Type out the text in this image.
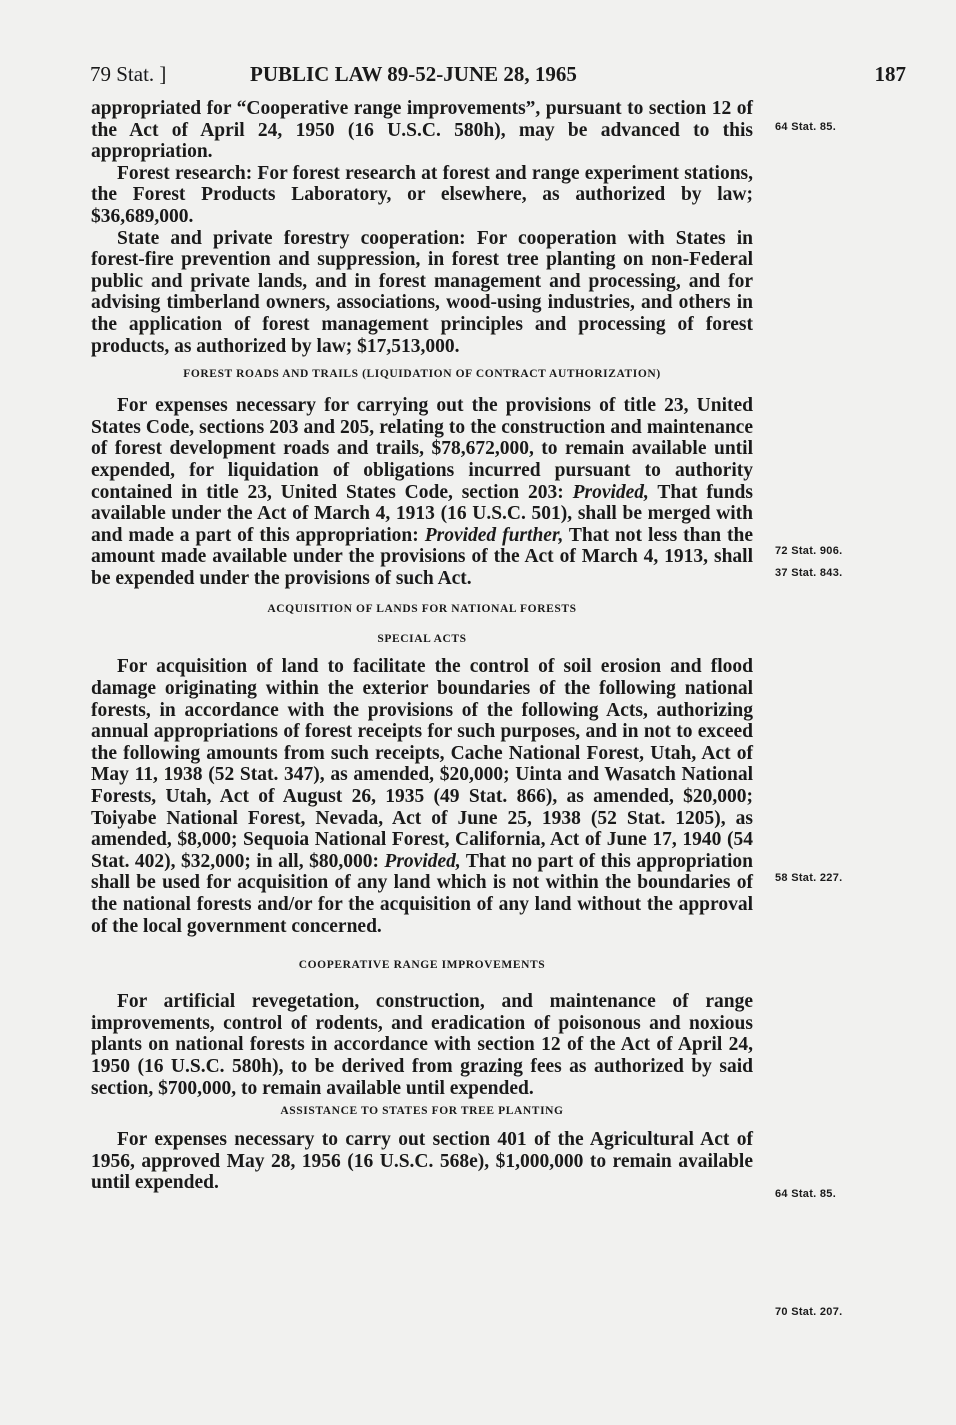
79 Stat. ]	PUBLIC LAW 89-52-JUNE 28, 1965	187

appropriated for “Cooperative range improvements”, pursuant to section 12 of the Act of April 24, 1950 (16 U.S.C. 580h), may be advanced to this appropriation.

Forest research: For forest research at forest and range experiment stations, the Forest Products Laboratory, or elsewhere, as authorized by law; $36,689,000.

State and private forestry cooperation: For cooperation with States in forest-fire prevention and suppression, in forest tree planting on non-Federal public and private lands, and in forest management and processing, and for advising timberland owners, associations, wood-using industries, and others in the application of forest management principles and processing of forest products, as authorized by law; $17,513,000.

FOREST ROADS AND TRAILS (LIQUIDATION OF CONTRACT AUTHORIZATION)

For expenses necessary for carrying out the provisions of title 23, United States Code, sections 203 and 205, relating to the construction and maintenance of forest development roads and trails, $78,672,000, to remain available until expended, for liquidation of obligations incurred pursuant to authority contained in title 23, United States Code, section 203: Provided, That funds available under the Act of March 4, 1913 (16 U.S.C. 501), shall be merged with and made a part of this appropriation: Provided further, That not less than the amount made available under the provisions of the Act of March 4, 1913, shall be expended under the provisions of such Act.

ACQUISITION OF LANDS FOR NATIONAL FORESTS
SPECIAL ACTS

For acquisition of land to facilitate the control of soil erosion and flood damage originating within the exterior boundaries of the following national forests, in accordance with the provisions of the following Acts, authorizing annual appropriations of forest receipts for such purposes, and in not to exceed the following amounts from such receipts, Cache National Forest, Utah, Act of May 11, 1938 (52 Stat. 347), as amended, $20,000; Uinta and Wasatch National Forests, Utah, Act of August 26, 1935 (49 Stat. 866), as amended, $20,000; Toiyabe National Forest, Nevada, Act of June 25, 1938 (52 Stat. 1205), as amended, $8,000; Sequoia National Forest, California, Act of June 17, 1940 (54 Stat. 402), $32,000; in all, $80,000: Provided, That no part of this appropriation shall be used for acquisition of any land which is not within the boundaries of the national forests and/or for the acquisition of any land without the approval of the local government concerned.

COOPERATIVE RANGE IMPROVEMENTS

For artificial revegetation, construction, and maintenance of range improvements, control of rodents, and eradication of poisonous and noxious plants on national forests in accordance with section 12 of the Act of April 24, 1950 (16 U.S.C. 580h), to be derived from grazing fees as authorized by said section, $700,000, to remain available until expended.

ASSISTANCE TO STATES FOR TREE PLANTING

For expenses necessary to carry out section 401 of the Agricultural Act of 1956, approved May 28, 1956 (16 U.S.C. 568e), $1,000,000 to remain available until expended.

64 Stat. 85.
72 Stat. 906.
37 Stat. 843.
58 Stat. 227.
64 Stat. 85.
70 Stat. 207.
